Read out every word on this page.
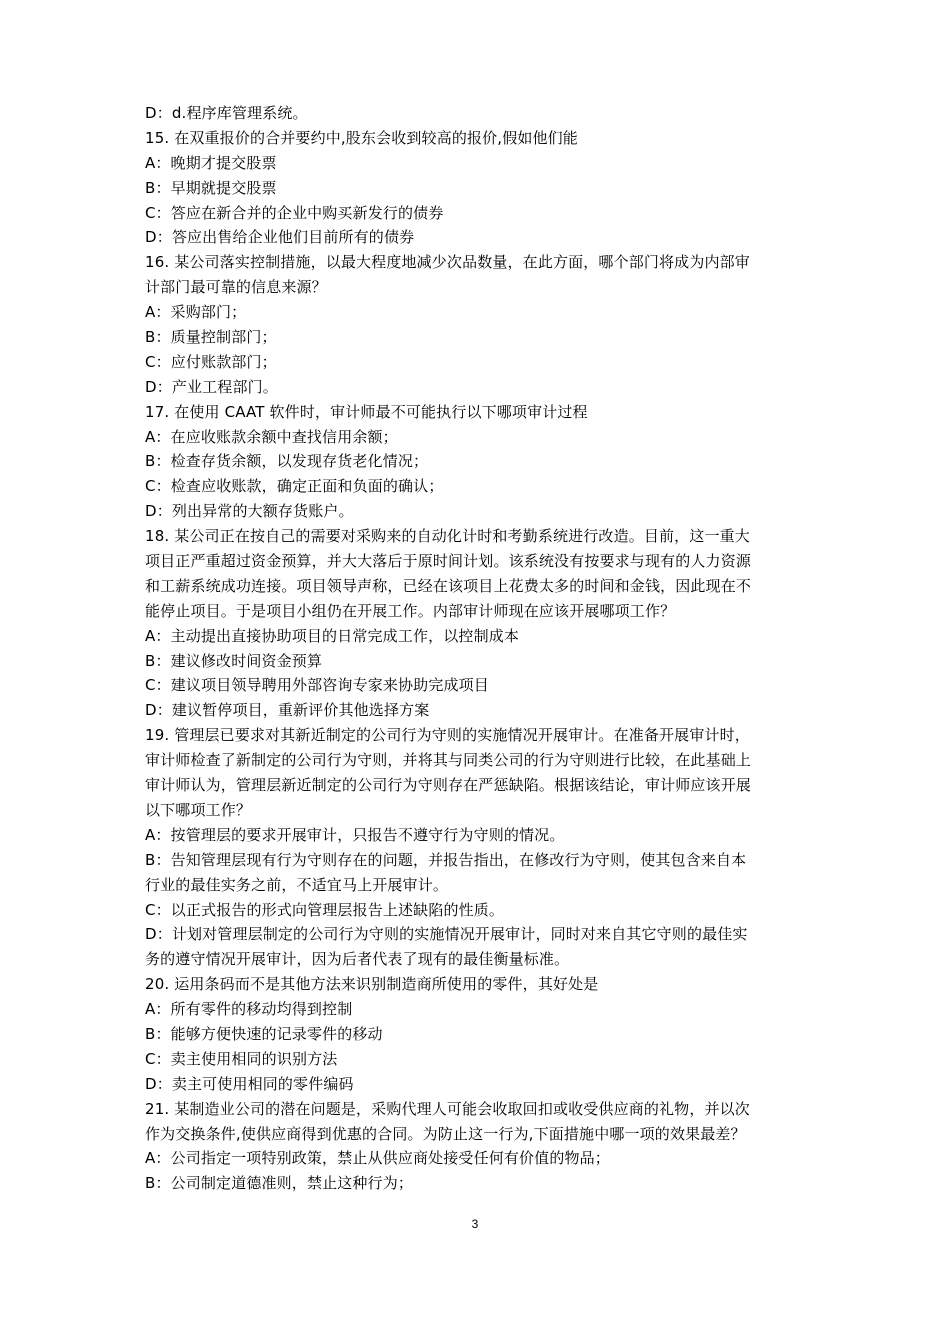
D：d.程序库管理系统。
15. 在双重报价的合并要约中,股东会收到较高的报价,假如他们能
A：晚期才提交股票
B：早期就提交股票
C：答应在新合并的企业中购买新发行的债券
D：答应出售给企业他们目前所有的债券
16. 某公司落实控制措施，以最大程度地减少次品数量，在此方面，哪个部门将成为内部审
计部门最可靠的信息来源？
A：采购部门；
B：质量控制部门；
C：应付账款部门；
D：产业工程部门。
17. 在使用 CAAT 软件时，审计师最不可能执行以下哪项审计过程
A：在应收账款余额中查找信用余额；
B：检查存货余额，以发现存货老化情况；
C：检查应收账款，确定正面和负面的确认；
D：列出异常的大额存货账户。
18. 某公司正在按自己的需要对采购来的自动化计时和考勤系统进行改造。目前，这一重大
项目正严重超过资金预算，并大大落后于原时间计划。该系统没有按要求与现有的人力资源
和工薪系统成功连接。项目领导声称，已经在该项目上花费太多的时间和金钱，因此现在不
能停止项目。于是项目小组仍在开展工作。内部审计师现在应该开展哪项工作？
A：主动提出直接协助项目的日常完成工作，以控制成本
B：建议修改时间资金预算
C：建议项目领导聘用外部咨询专家来协助完成项目
D：建议暂停项目，重新评价其他选择方案
19. 管理层已要求对其新近制定的公司行为守则的实施情况开展审计。在准备开展审计时，
审计师检查了新制定的公司行为守则，并将其与同类公司的行为守则进行比较，在此基础上
审计师认为，管理层新近制定的公司行为守则存在严惩缺陷。根据该结论，审计师应该开展
以下哪项工作？
A：按管理层的要求开展审计，只报告不遵守行为守则的情况。
B：告知管理层现有行为守则存在的问题，并报告指出，在修改行为守则，使其包含来自本
行业的最佳实务之前，不适宜马上开展审计。
C：以正式报告的形式向管理层报告上述缺陷的性质。
D：计划对管理层制定的公司行为守则的实施情况开展审计，同时对来自其它守则的最佳实
务的遵守情况开展审计，因为后者代表了现有的最佳衡量标准。
20. 运用条码而不是其他方法来识别制造商所使用的零件，其好处是
A：所有零件的移动均得到控制
B：能够方便快速的记录零件的移动
C：卖主使用相同的识别方法
D：卖主可使用相同的零件编码
21. 某制造业公司的潜在问题是，采购代理人可能会收取回扣或收受供应商的礼物，并以次
作为交换条件,使供应商得到优惠的合同。为防止这一行为,下面措施中哪一项的效果最差？
A：公司指定一项特别政策，禁止从供应商处接受任何有价值的物品；
B：公司制定道德准则，禁止这种行为；
3
